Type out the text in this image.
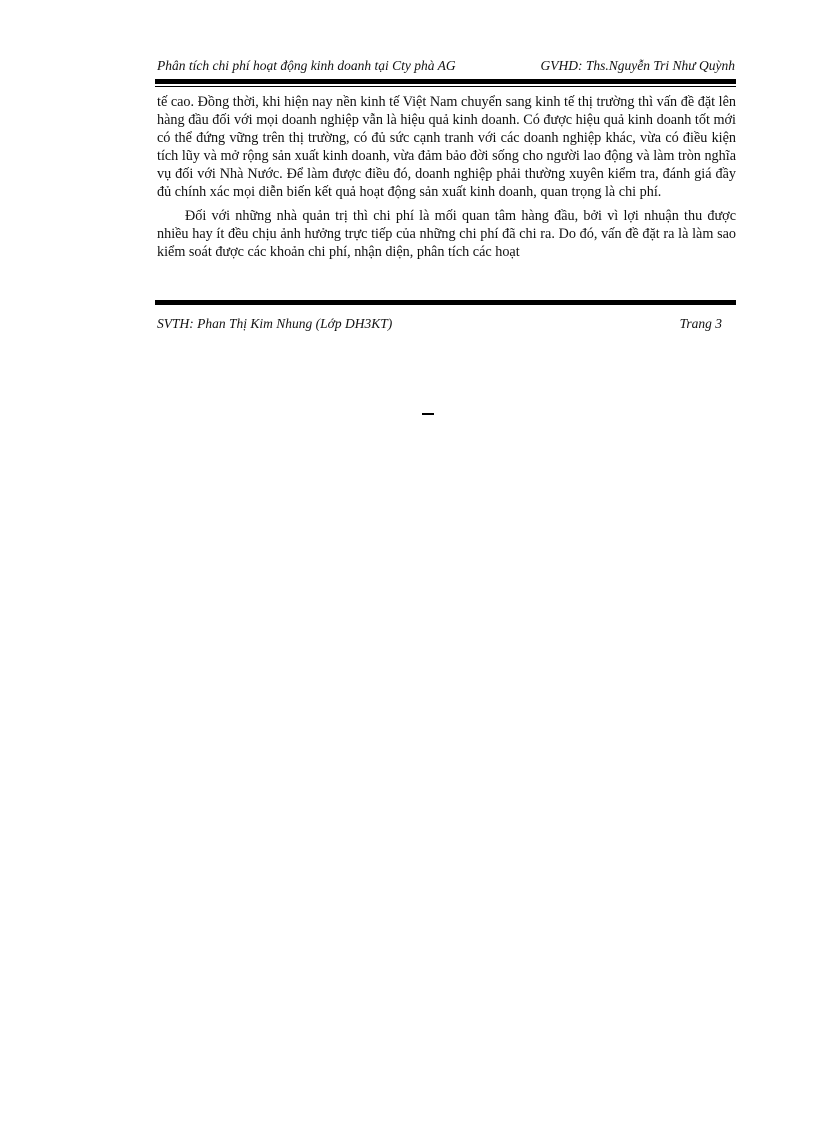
Phân tích chi phí hoạt động kinh doanh tại Cty phà AG	GVHD: Ths.Nguyễn Tri Như Quỳnh

tế cao. Đồng thời, khi hiện nay nền kinh tế Việt Nam chuyển sang kinh tế thị trường thì vấn đề đặt lên hàng đầu đối với mọi doanh nghiệp vẫn là hiệu quả kinh doanh. Có được hiệu quả kinh doanh tốt mới có thể đứng vững trên thị trường, có đủ sức cạnh tranh với các doanh nghiệp khác, vừa có điều kiện tích lũy và mở rộng sản xuất kinh doanh, vừa đảm bảo đời sống cho người lao động và làm tròn nghĩa vụ đối với Nhà Nước. Để làm được điều đó, doanh nghiệp phải thường xuyên kiểm tra, đánh giá đầy đủ chính xác mọi diễn biến kết quả hoạt động sản xuất kinh doanh, quan trọng là chi phí.

Đối với những nhà quản trị thì chi phí là mối quan tâm hàng đầu, bởi vì lợi nhuận thu được nhiều hay ít đều chịu ảnh hưởng trực tiếp của những chi phí đã chi ra. Do đó, vấn đề đặt ra là làm sao kiểm soát được các khoản chi phí, nhận diện, phân tích các hoạt

SVTH: Phan Thị Kim Nhung (Lớp DH3KT)	Trang 3
